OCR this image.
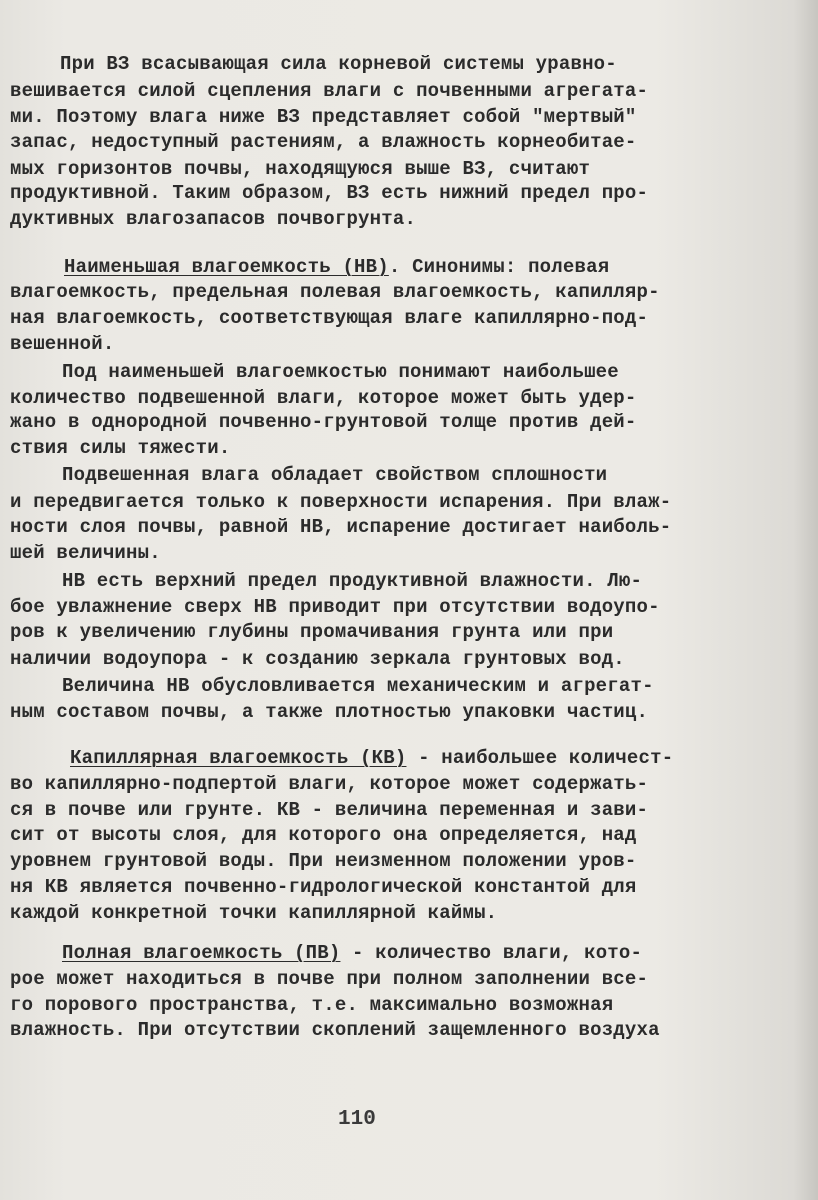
При ВЗ всасывающая сила корневой системы уравно-

вешивается силой сцепления влаги с почвенными агрегата-

ми. Поэтому влага ниже ВЗ представляет собой "мертвый"

запас, недоступный растениям, а влажность корнеобитае-

мых горизонтов почвы, находящуюся выше ВЗ, считают

продуктивной. Таким образом, ВЗ есть нижний предел про-

дуктивных влагозапасов почвогрунта.

Наименьшая влагоемкость (НВ). Синонимы: полевая

влагоемкость, предельная полевая влагоемкость, капилляр-

ная влагоемкость, соответствующая влаге капиллярно-под-

вешенной.

Под наименьшей влагоемкостью понимают наибольшее

количество подвешенной влаги, которое может быть удер-

жано в однородной почвенно-грунтовой толще против дей-

ствия силы тяжести.

Подвешенная влага обладает свойством сплошности

и передвигается только к поверхности испарения. При влаж-

ности слоя почвы, равной НВ, испарение достигает наиболь-

шей величины.

НВ есть верхний предел продуктивной влажности. Лю-

бое увлажнение сверх НВ приводит при отсутствии водоупо-

ров к увеличению глубины промачивания грунта или при

наличии водоупора - к созданию зеркала грунтовых вод.

Величина НВ обусловливается механическим и агрегат-

ным составом почвы, а также плотностью упаковки частиц.

Капиллярная влагоемкость (КВ) - наибольшее количест-

во капиллярно-подпертой влаги, которое может содержать-

ся в почве или грунте. КВ - величина переменная и зави-

сит от высоты слоя, для которого она определяется, над

уровнем грунтовой воды. При неизменном положении уров-

ня КВ является почвенно-гидрологической константой для

каждой конкретной точки капиллярной каймы.

Полная влагоемкость (ПВ) - количество влаги, кото-

рое может находиться в почве при полном заполнении все-

го порового пространства, т.е. максимально возможная

влажность. При отсутствии скоплений защемленного воздуха

110
